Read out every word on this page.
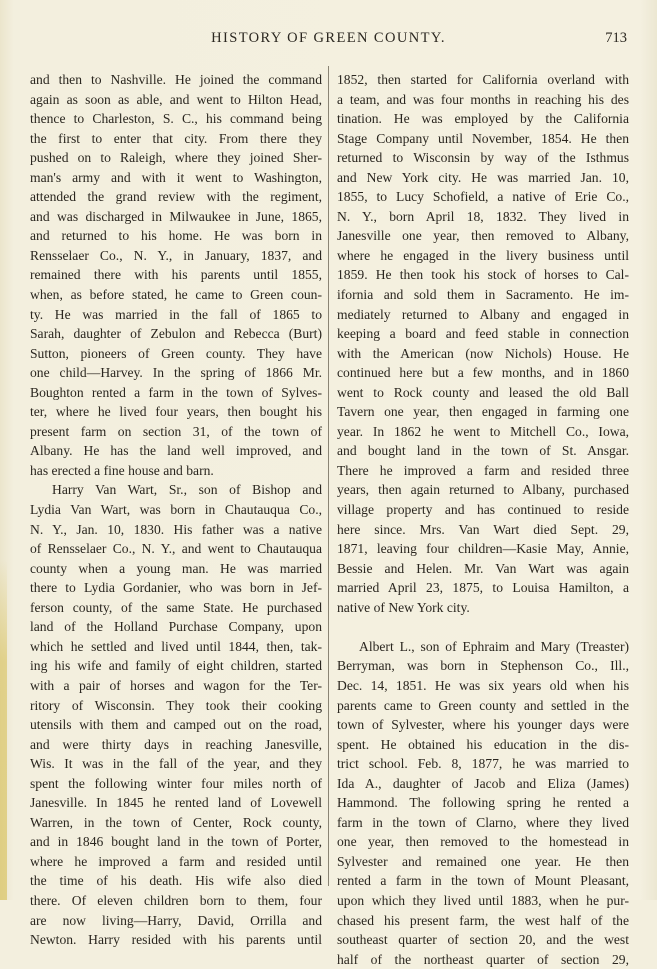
HISTORY OF GREEN COUNTY.	713
and then to Nashville. He joined the command
again as soon as able, and went to Hilton Head,
thence to Charleston, S. C., his command being
the first to enter that city. From there they
pushed on to Raleigh, where they joined Sher-
man's army and with it went to Washington,
attended the grand review with the regiment,
and was discharged in Milwaukee in June, 1865,
and returned to his home. He was born in
Rensselaer Co., N. Y., in January, 1837, and
remained there with his parents until 1855,
when, as before stated, he came to Green coun-
ty. He was married in the fall of 1865 to
Sarah, daughter of Zebulon and Rebecca (Burt)
Sutton, pioneers of Green county. They have
one child—Harvey. In the spring of 1866 Mr.
Boughton rented a farm in the town of Sylves-
ter, where he lived four years, then bought his
present farm on section 31, of the town of
Albany. He has the land well improved, and
has erected a fine house and barn.
Harry Van Wart, Sr., son of Bishop and
Lydia Van Wart, was born in Chautauqua Co.,
N. Y., Jan. 10, 1830. His father was a native
of Rensselaer Co., N. Y., and went to Chautauqua
county when a young man. He was married
there to Lydia Gordanier, who was born in Jef-
ferson county, of the same State. He purchased
land of the Holland Purchase Company, upon
which he settled and lived until 1844, then, tak-
ing his wife and family of eight children, started
with a pair of horses and wagon for the Ter-
ritory of Wisconsin. They took their cooking
utensils with them and camped out on the road,
and were thirty days in reaching Janesville,
Wis. It was in the fall of the year, and they
spent the following winter four miles north of
Janesville. In 1845 he rented land of Lovewell
Warren, in the town of Center, Rock county,
and in 1846 bought land in the town of Porter,
where he improved a farm and resided until
the time of his death. His wife also died
there. Of eleven children born to them, four
are now living—Harry, David, Orrilla and
Newton. Harry resided with his parents until
1852, then started for California overland with
a team, and was four months in reaching his des
tination. He was employed by the California
Stage Company until November, 1854. He then
returned to Wisconsin by way of the Isthmus
and New York city. He was married Jan. 10,
1855, to Lucy Schofield, a native of Erie Co.,
N. Y., born April 18, 1832. They lived in
Janesville one year, then removed to Albany,
where he engaged in the livery business until
1859. He then took his stock of horses to Cal-
ifornia and sold them in Sacramento. He im-
mediately returned to Albany and engaged in
keeping a board and feed stable in connection
with the American (now Nichols) House. He
continued here but a few months, and in 1860
went to Rock county and leased the old Ball
Tavern one year, then engaged in farming one
year. In 1862 he went to Mitchell Co., Iowa,
and bought land in the town of St. Ansgar.
There he improved a farm and resided three
years, then again returned to Albany, purchased
village property and has continued to reside
here since. Mrs. Van Wart died Sept. 29,
1871, leaving four children—Kasie May, Annie,
Bessie and Helen. Mr. Van Wart was again
married April 23, 1875, to Louisa Hamilton, a
native of New York city.
Albert L., son of Ephraim and Mary (Treaster)
Berryman, was born in Stephenson Co., Ill.,
Dec. 14, 1851. He was six years old when his
parents came to Green county and settled in the
town of Sylvester, where his younger days were
spent. He obtained his education in the dis-
trict school. Feb. 8, 1877, he was married to
Ida A., daughter of Jacob and Eliza (James)
Hammond. The following spring he rented a
farm in the town of Clarno, where they lived
one year, then removed to the homestead in
Sylvester and remained one year. He then
rented a farm in the town of Mount Pleasant,
upon which they lived until 1883, when he pur-
chased his present farm, the west half of the
southeast quarter of section 20, and the west
half of the northeast quarter of section 29,
